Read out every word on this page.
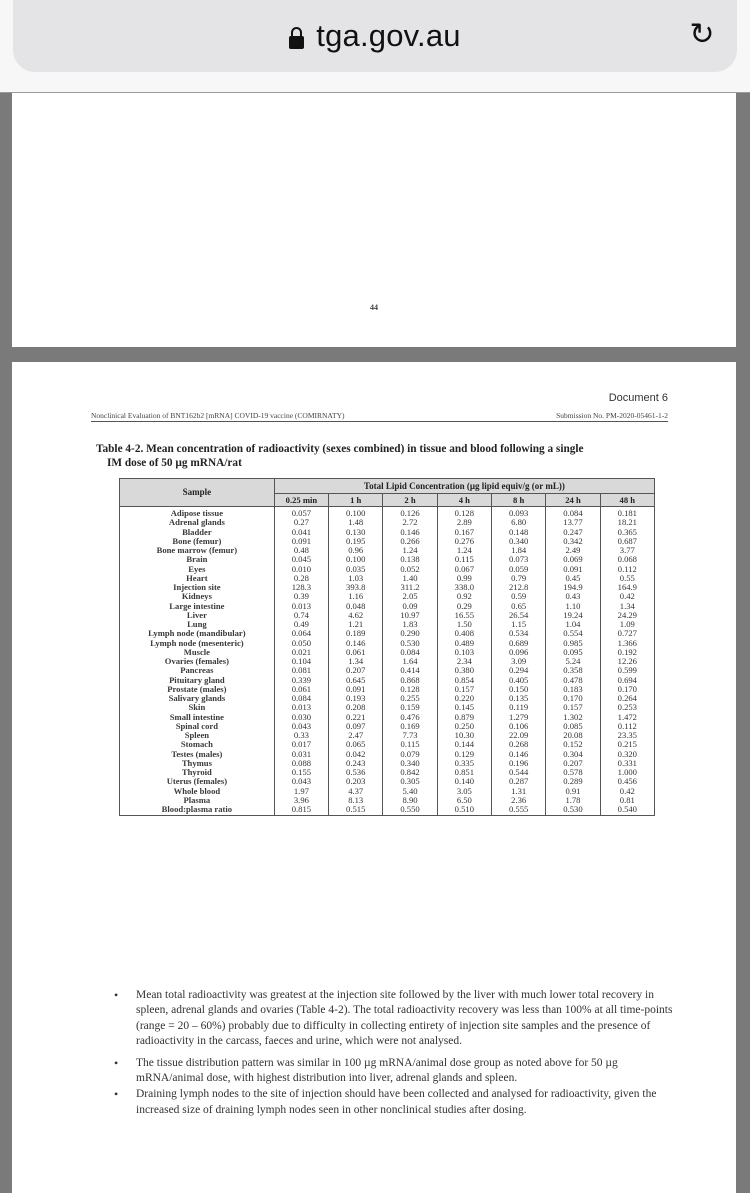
tga.gov.au	↻
44
Document 6
Nonclinical Evaluation of BNT162b2 [mRNA] COVID-19 vaccine (COMIRNATY)	Submission No. PM-2020-05461-1-2
Table 4-2. Mean concentration of radioactivity (sexes combined) in tissue and blood following a single
IM dose of 50 µg mRNA/rat
Sample	Total Lipid Concentration (µg lipid equiv/g (or mL))						
	0.25 min	1 h	2 h	4 h	8 h	24 h	48 h
Adipose tissue	0.057	0.100	0.126	0.128	0.093	0.084	0.181
Adrenal glands	0.27	1.48	2.72	2.89	6.80	13.77	18.21
Bladder	0.041	0.130	0.146	0.167	0.148	0.247	0.365
Bone (femur)	0.091	0.195	0.266	0.276	0.340	0.342	0.687
Bone marrow (femur)	0.48	0.96	1.24	1.24	1.84	2.49	3.77
Brain	0.045	0.100	0.138	0.115	0.073	0.069	0.068
Eyes	0.010	0.035	0.052	0.067	0.059	0.091	0.112
Heart	0.28	1.03	1.40	0.99	0.79	0.45	0.55
Injection site	128.3	393.8	311.2	338.0	212.8	194.9	164.9
Kidneys	0.39	1.16	2.05	0.92	0.59	0.43	0.42
Large intestine	0.013	0.048	0.09	0.29	0.65	1.10	1.34
Liver	0.74	4.62	10.97	16.55	26.54	19.24	24.29
Lung	0.49	1.21	1.83	1.50	1.15	1.04	1.09
Lymph node (mandibular)	0.064	0.189	0.290	0.408	0.534	0.554	0.727
Lymph node (mesenteric)	0.050	0.146	0.530	0.489	0.689	0.985	1.366
Muscle	0.021	0.061	0.084	0.103	0.096	0.095	0.192
Ovaries (females)	0.104	1.34	1.64	2.34	3.09	5.24	12.26
Pancreas	0.081	0.207	0.414	0.380	0.294	0.358	0.599
Pituitary gland	0.339	0.645	0.868	0.854	0.405	0.478	0.694
Prostate (males)	0.061	0.091	0.128	0.157	0.150	0.183	0.170
Salivary glands	0.084	0.193	0.255	0.220	0.135	0.170	0.264
Skin	0.013	0.208	0.159	0.145	0.119	0.157	0.253
Small intestine	0.030	0.221	0.476	0.879	1.279	1.302	1.472
Spinal cord	0.043	0.097	0.169	0.250	0.106	0.085	0.112
Spleen	0.33	2.47	7.73	10.30	22.09	20.08	23.35
Stomach	0.017	0.065	0.115	0.144	0.268	0.152	0.215
Testes (males)	0.031	0.042	0.079	0.129	0.146	0.304	0.320
Thymus	0.088	0.243	0.340	0.335	0.196	0.207	0.331
Thyroid	0.155	0.536	0.842	0.851	0.544	0.578	1.000
Uterus (females)	0.043	0.203	0.305	0.140	0.287	0.289	0.456
Whole blood	1.97	4.37	5.40	3.05	1.31	0.91	0.42
Plasma	3.96	8.13	8.90	6.50	2.36	1.78	0.81
Blood:plasma ratio	0.815	0.515	0.550	0.510	0.555	0.530	0.540
• Mean total radioactivity was greatest at the injection site followed by the liver with much lower total recovery in spleen, adrenal glands and ovaries (Table 4-2). The total radioactivity recovery was less than 100% at all time-points (range = 20 – 60%) probably due to difficulty in collecting entirety of injection site samples and the presence of radioactivity in the carcass, faeces and urine, which were not analysed.
• The tissue distribution pattern was similar in 100 µg mRNA/animal dose group as noted above for 50 µg mRNA/animal dose, with highest distribution into liver, adrenal glands and spleen.
• Draining lymph nodes to the site of injection should have been collected and analysed for radioactivity, given the increased size of draining lymph nodes seen in other nonclinical studies after dosing.
